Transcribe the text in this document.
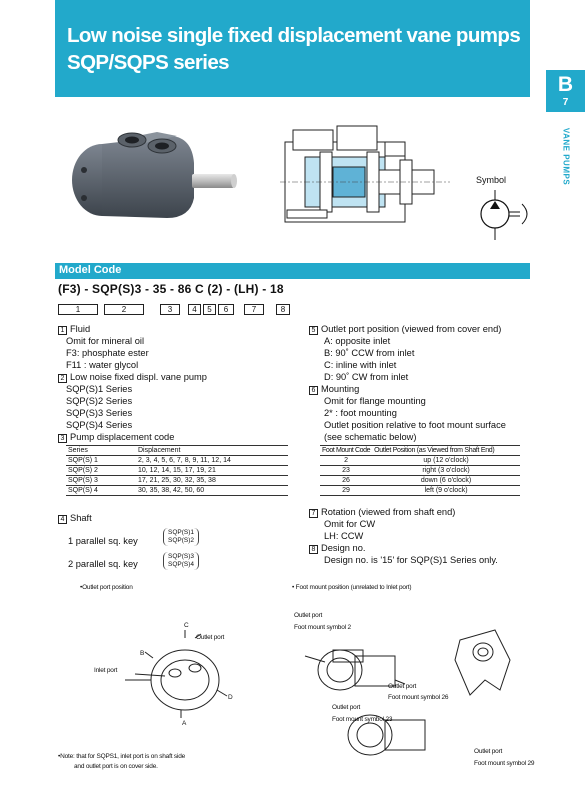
Low noise single fixed displacement vane pumps
SQP/SQPS series
B
7
VANE PUMPS
Symbol
Model Code
(F3) - SQP(S)3 - 35 - 86 C (2) - (LH) - 18
1	2	3	4	5	6	7	8
1 Fluid
Omit for mineral oil
F3: phosphate ester
F11 : water glycol
2 Low noise fixed displ. vane pump
SQP(S)1 Series
SQP(S)2 Series
SQP(S)3 Series
SQP(S)4 Series
3 Pump displacement code
Series	Displacement
SQP(S) 1	2, 3, 4, 5, 6, 7, 8, 9, 11, 12, 14
SQP(S) 2	10, 12, 14, 15, 17, 19, 21
SQP(S) 3	17, 21, 25, 30, 32, 35, 38
SQP(S) 4	30, 35, 38, 42, 50, 60
4 Shaft
1 parallel sq. key
SQP(S)1
SQP(S)2
2 parallel sq. key
SQP(S)3
SQP(S)4
5 Outlet port position (viewed from cover end)
A: opposite inlet
B: 90˚ CCW from inlet
C: inline with inlet
D: 90˚ CW from inlet
6 Mounting
Omit for flange mounting
2* : foot mounting
Outlet position relative to foot mount surface
(see schematic below)
Foot Mount Code	Outlet Position (as Viewed from Shaft End)
2	up (12 o'clock)
23	right (3 o'clock)
26	down (6 o'clock)
29	left (9 o'clock)
7 Rotation (viewed from shaft end)
Omit for CW
LH: CCW
8 Design no.
Design no. is '15' for SQP(S)1 Series only.
•Outlet port position	• Foot mount position (unrelated to Inlet port)
C
Outlet port
B
Inlet port
D
A
Outlet port
Foot mount symbol 2
Outlet port
Foot mount symbol 26
Outlet port
Foot mount symbol 23
Outlet port
Foot mount symbol 29
•Note: that for SQPS1, inlet port is on shaft side
and outlet port is on cover side.
